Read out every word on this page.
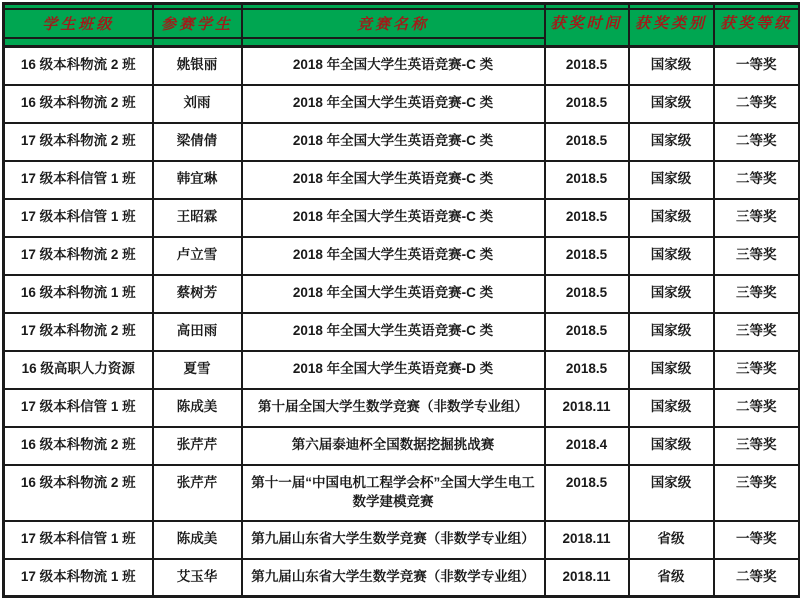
学生班级	参赛学生	竞赛名称	获奖时间	获奖类别	获奖等级

16 级本科物流 2 班	姚银丽	2018 年全国大学生英语竞赛-C 类	2018.5	国家级	一等奖
16 级本科物流 2 班	刘雨	2018 年全国大学生英语竞赛-C 类	2018.5	国家级	二等奖
17 级本科物流 2 班	梁倩倩	2018 年全国大学生英语竞赛-C 类	2018.5	国家级	二等奖
17 级本科信管 1 班	韩宜琳	2018 年全国大学生英语竞赛-C 类	2018.5	国家级	二等奖
17 级本科信管 1 班	王昭霖	2018 年全国大学生英语竞赛-C 类	2018.5	国家级	三等奖
17 级本科物流 2 班	卢立雪	2018 年全国大学生英语竞赛-C 类	2018.5	国家级	三等奖
16 级本科物流 1 班	蔡树芳	2018 年全国大学生英语竞赛-C 类	2018.5	国家级	三等奖
17 级本科物流 2 班	高田雨	2018 年全国大学生英语竞赛-C 类	2018.5	国家级	三等奖
16 级高职人力资源	夏雪	2018 年全国大学生英语竞赛-D 类	2018.5	国家级	三等奖
17 级本科信管 1 班	陈成美	第十届全国大学生数学竞赛（非数学专业组）	2018.11	国家级	二等奖
16 级本科物流 2 班	张芹芹	第六届泰迪杯全国数据挖掘挑战赛	2018.4	国家级	三等奖
16 级本科物流 2 班	张芹芹	第十一届“中国电机工程学会杯”全国大学生电工数学建模竞赛	2018.5	国家级	三等奖
17 级本科信管 1 班	陈成美	第九届山东省大学生数学竞赛（非数学专业组）	2018.11	省级	一等奖
17 级本科物流 1 班	艾玉华	第九届山东省大学生数学竞赛（非数学专业组）	2018.11	省级	二等奖
